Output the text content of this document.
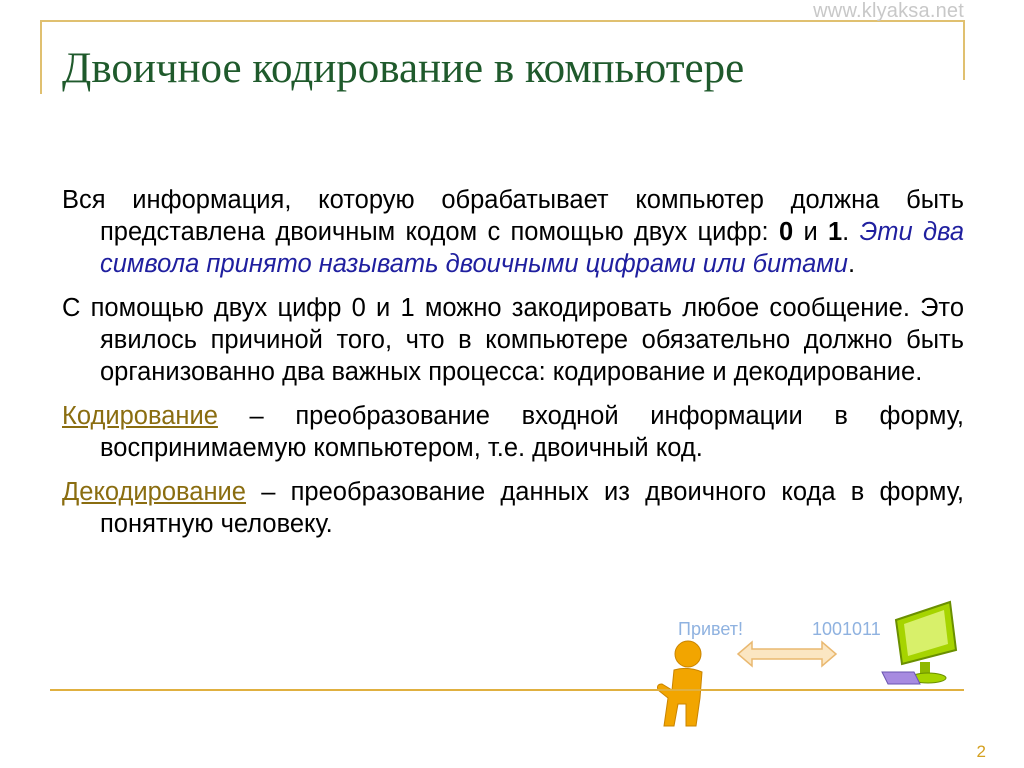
www.klyaksa.net
Двоичное кодирование в компьютере

Вся информация, которую обрабатывает компьютер должна быть представлена двоичным кодом с помощью двух цифр: 0 и 1. Эти два символа принято называть двоичными цифрами или битами.

С помощью двух цифр 0 и 1 можно закодировать любое сообщение. Это явилось причиной того, что в компьютере обязательно должно быть организованно два важных процесса: кодирование и декодирование.

Кодирование – преобразование входной информации в форму, воспринимаемую компьютером, т.е. двоичный код.

Декодирование – преобразование данных из двоичного кода в форму, понятную человеку.

Привет!	1001011
2
